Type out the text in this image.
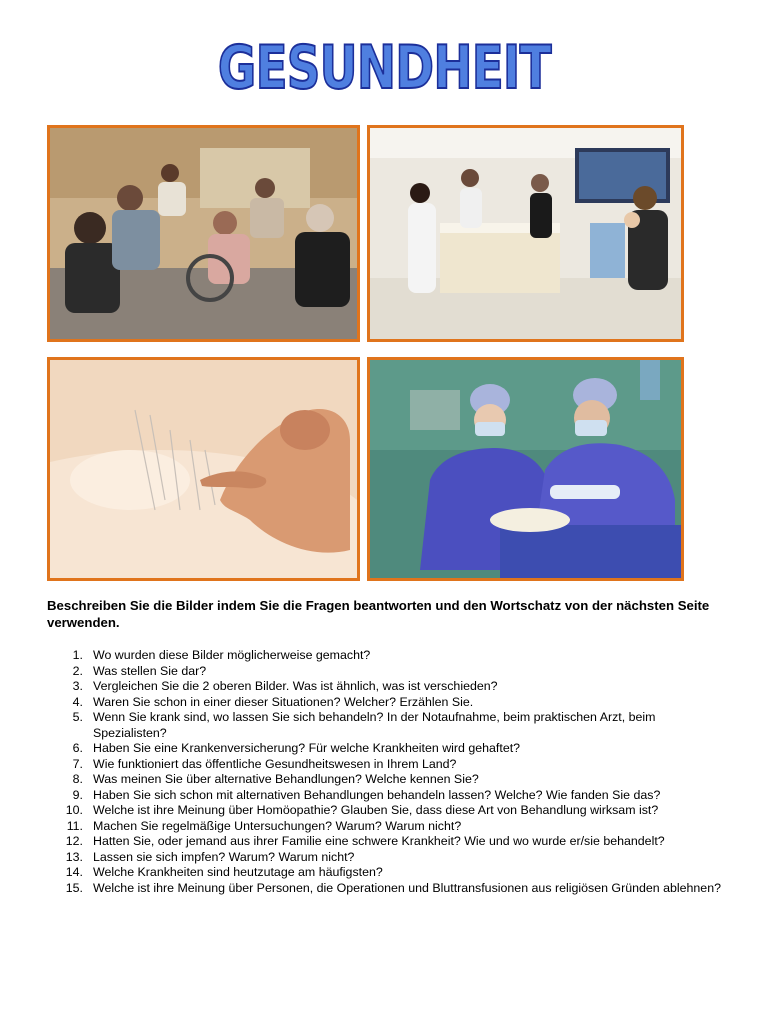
GESUNDHEIT
Beschreiben Sie die Bilder indem Sie die Fragen beantworten und den Wortschatz von der nächsten Seite verwenden.
1. Wo wurden diese Bilder möglicherweise gemacht?
2. Was stellen Sie dar?
3. Vergleichen Sie die 2 oberen Bilder. Was ist ähnlich, was ist verschieden?
4. Waren Sie schon in einer dieser Situationen? Welcher? Erzählen Sie.
5. Wenn Sie krank sind, wo lassen Sie sich behandeln? In der Notaufnahme, beim praktischen Arzt, beim Spezialisten?
6. Haben Sie eine Krankenversicherung? Für welche Krankheiten wird gehaftet?
7. Wie funktioniert das öffentliche Gesundheitswesen in Ihrem Land?
8. Was meinen Sie über alternative Behandlungen? Welche kennen Sie?
9. Haben Sie sich schon mit alternativen Behandlungen behandeln lassen? Welche? Wie fanden Sie das?
10. Welche ist ihre Meinung über Homöopathie? Glauben Sie, dass diese Art von Behandlung wirksam ist?
11. Machen Sie regelmäßige Untersuchungen? Warum? Warum nicht?
12. Hatten Sie, oder jemand aus ihrer Familie eine schwere Krankheit? Wie und wo wurde er/sie behandelt?
13. Lassen sie sich impfen? Warum? Warum nicht?
14. Welche Krankheiten sind heutzutage am häufigsten?
15. Welche ist ihre Meinung über Personen, die Operationen und Bluttransfusionen aus religiösen Gründen ablehnen?
